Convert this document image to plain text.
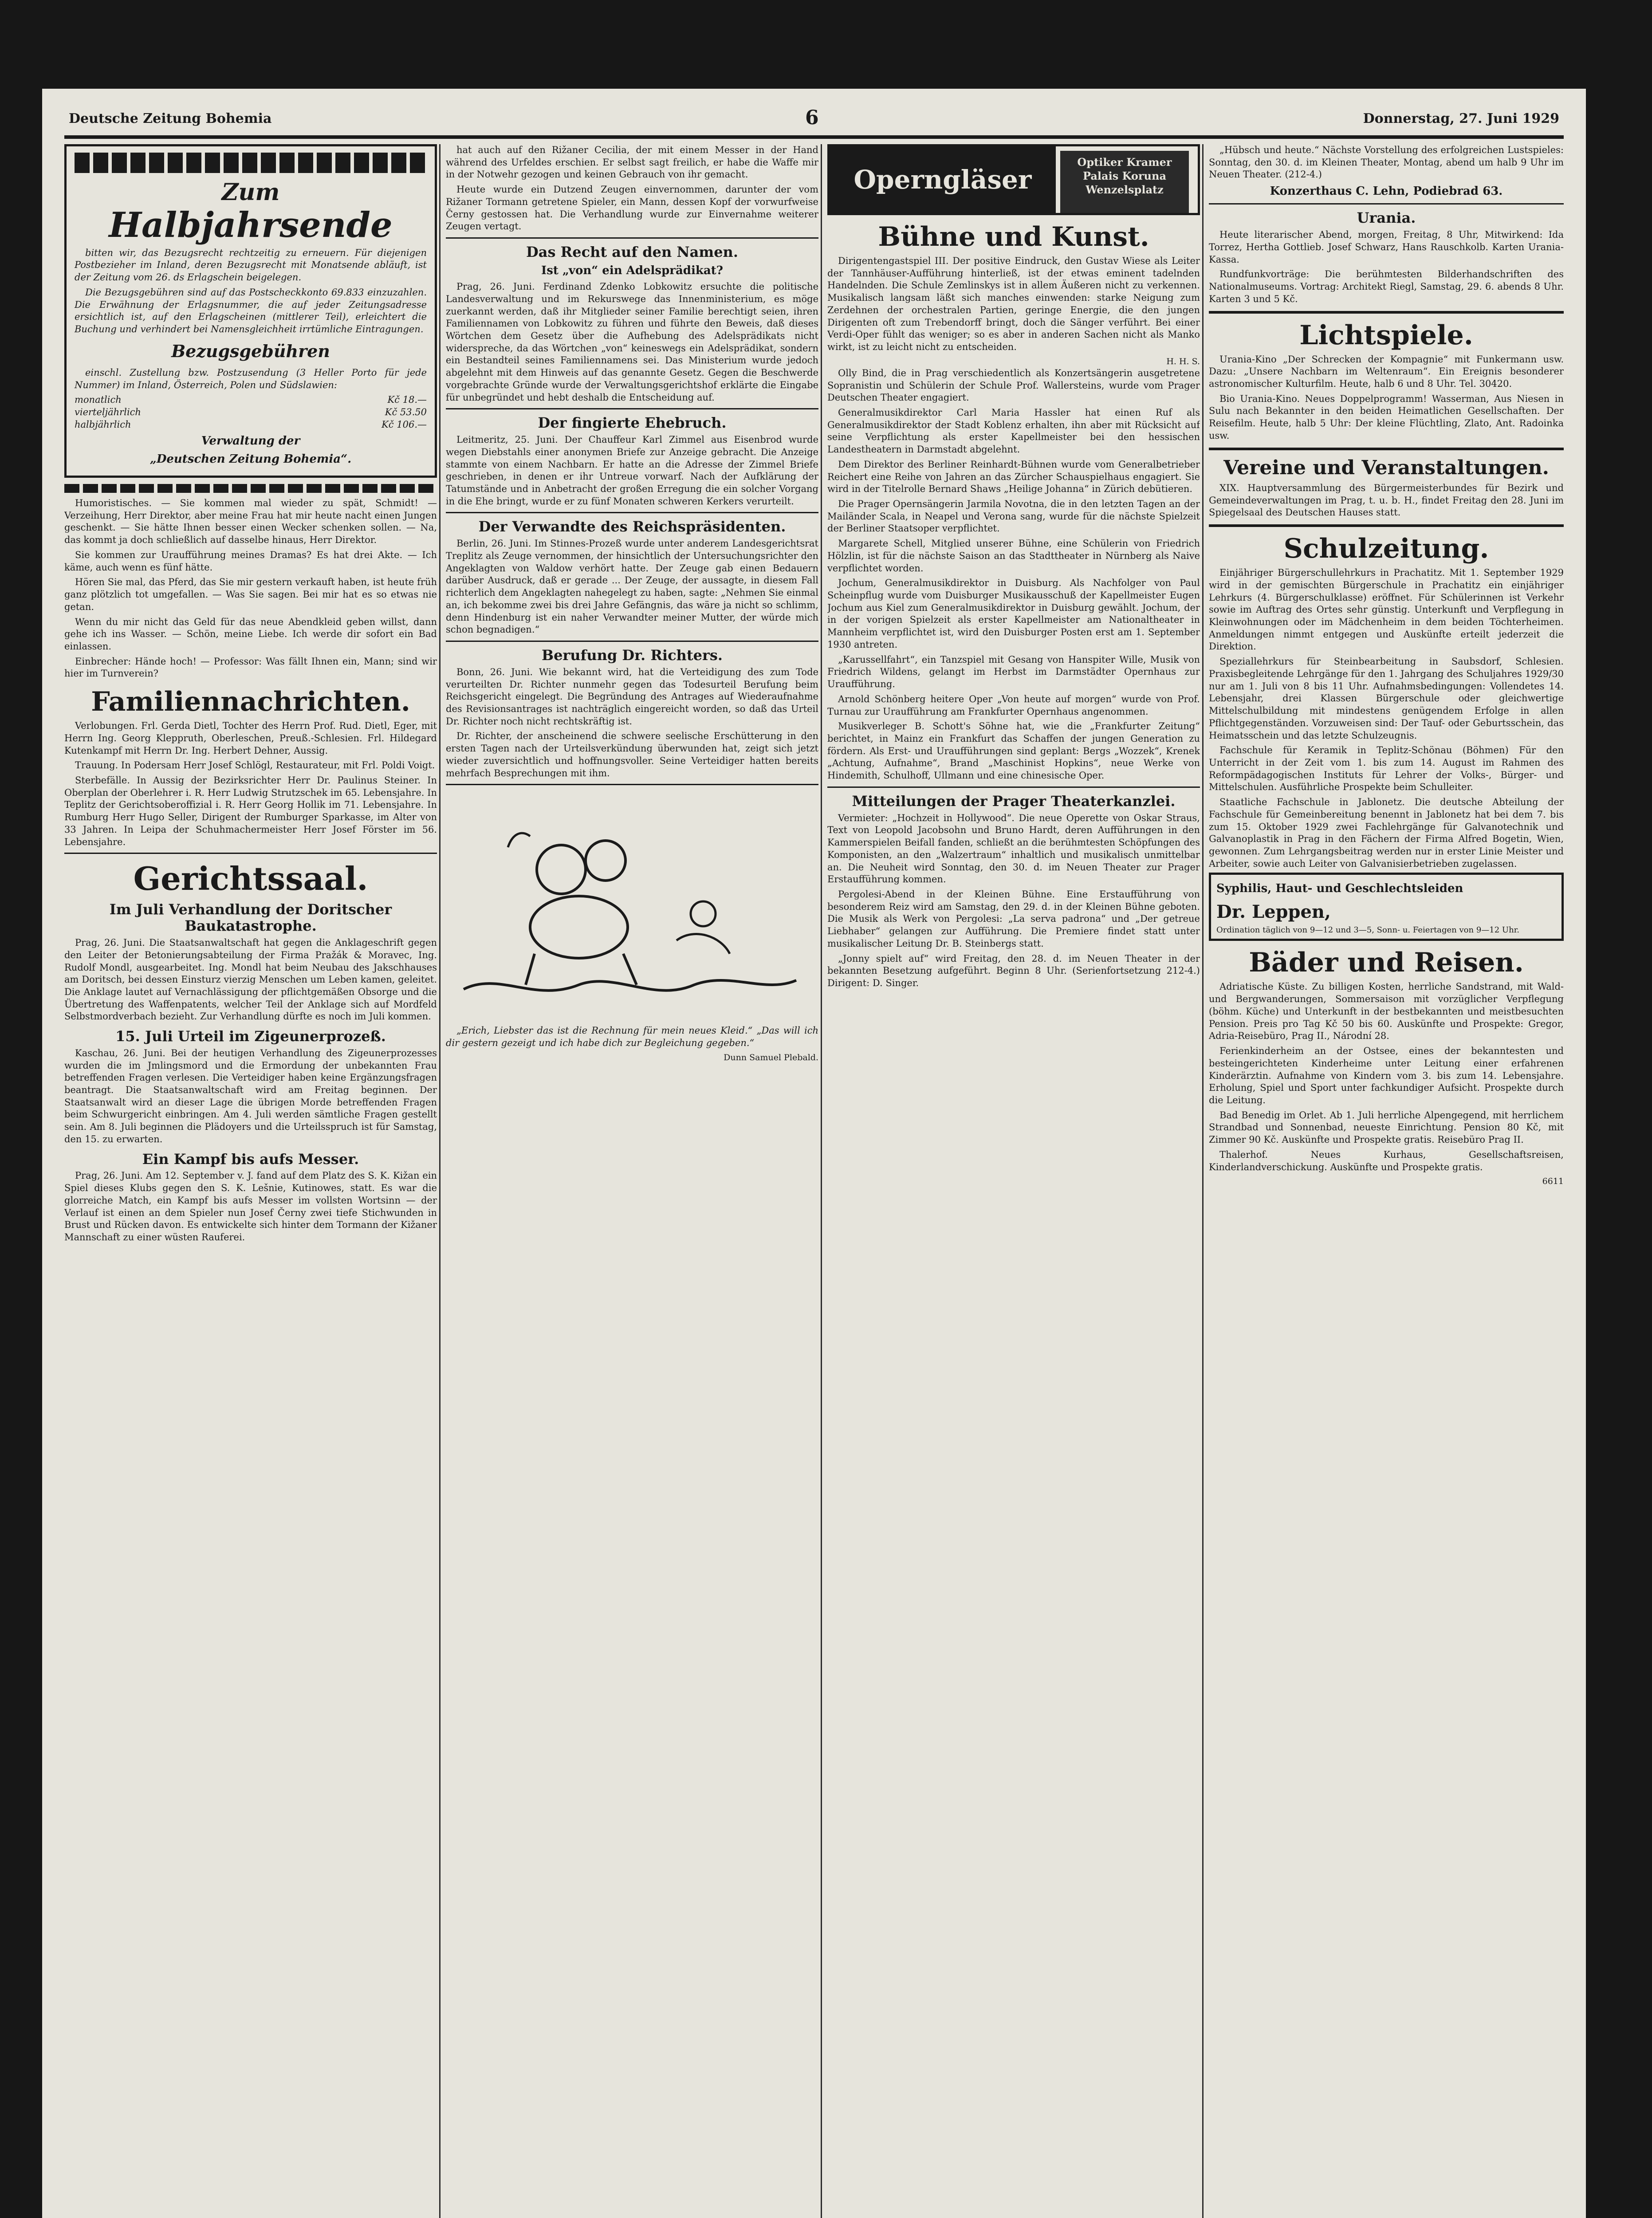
Deutsche Zeitung Bohemia	6	Donnerstag, 27. Juni 1929
Zum
Halbjahrsende

bitten wir, das Bezugsrecht rechtzeitig zu erneuern. Für diejenigen Postbezieher im Inland, deren Bezugsrecht mit Monatsende abläuft, ist der Zeitung vom 26. ds Erlagschein beigelegen.

Die Bezugsgebühren sind auf das Postscheckkonto 69.833 einzuzahlen. Die Erwähnung der Erlagsnummer, die auf jeder Zeitungsadresse ersichtlich ist, auf den Erlagscheinen (mittlerer Teil), erleichtert die Buchung und verhindert bei Namensgleichheit irrtümliche Eintragungen.

Bezugsgebühren

einschl. Zustellung bzw. Postzusendung (3 Heller Porto für jede Nummer) im Inland, Österreich, Polen und Südslawien:

monatlich	Kč 18.—
vierteljährlich	Kč 53.50
halbjährlich	Kč 106.—
Verwaltung der
„Deutschen Zeitung Bohemia“.

Humoristisches. — Sie kommen mal wieder zu spät, Schmidt! — Verzeihung, Herr Direktor, aber meine Frau hat mir heute nacht einen Jungen geschenkt. — Sie hätte Ihnen besser einen Wecker schenken sollen. — Na, das kommt ja doch schließlich auf dasselbe hinaus, Herr Direktor.

Sie kommen zur Uraufführung meines Dramas? Es hat drei Akte. — Ich käme, auch wenn es fünf hätte.

Hören Sie mal, das Pferd, das Sie mir gestern verkauft haben, ist heute früh ganz plötzlich tot umgefallen. — Was Sie sagen. Bei mir hat es so etwas nie getan.

Wenn du mir nicht das Geld für das neue Abendkleid geben willst, dann gehe ich ins Wasser. — Schön, meine Liebe. Ich werde dir sofort ein Bad einlassen.

Einbrecher: Hände hoch! — Professor: Was fällt Ihnen ein, Mann; sind wir hier im Turnverein?

Familiennachrichten.

Verlobungen. Frl. Gerda Dietl, Tochter des Herrn Prof. Rud. Dietl, Eger, mit Herrn Ing. Georg Kleppruth, Oberleschen, Preuß.-Schlesien. Frl. Hildegard Kutenkampf mit Herrn Dr. Ing. Herbert Dehner, Aussig.

Trauung. In Podersam Herr Josef Schlögl, Restaurateur, mit Frl. Poldi Voigt.

Sterbefälle. In Aussig der Bezirksrichter Herr Dr. Paulinus Steiner. In Oberplan der Oberlehrer i. R. Herr Ludwig Strutzschek im 65. Lebensjahre. In Teplitz der Gerichtsoberoffizial i. R. Herr Georg Hollik im 71. Lebensjahre. In Rumburg Herr Hugo Seller, Dirigent der Rumburger Sparkasse, im Alter von 33 Jahren. In Leipa der Schuhmachermeister Herr Josef Förster im 56. Lebensjahre.

Gerichtssaal.
Im Juli Verhandlung der Doritscher Baukatastrophe.

Prag, 26. Juni. Die Staatsanwaltschaft hat gegen die Anklageschrift gegen den Leiter der Betonierungsabteilung der Firma Pražák & Moravec, Ing. Rudolf Mondl, ausgearbeitet. Ing. Mondl hat beim Neubau des Jakschhauses am Doritsch, bei dessen Einsturz vierzig Menschen um Leben kamen, geleitet. Die Anklage lautet auf Vernachlässigung der pflichtgemäßen Obsorge und die Übertretung des Waffenpatents, welcher Teil der Anklage sich auf Mordfeld Selbstmordverbach bezieht. Zur Verhandlung dürfte es noch im Juli kommen.

15. Juli Urteil im Zigeunerprozeß.

Kaschau, 26. Juni. Bei der heutigen Verhandlung des Zigeunerprozesses wurden die im Jmlingsmord und die Ermordung der unbekannten Frau betreffenden Fragen verlesen. Die Verteidiger haben keine Ergänzungsfragen beantragt. Die Staatsanwaltschaft wird am Freitag beginnen. Der Staatsanwalt wird an dieser Lage die übrigen Morde betreffenden Fragen beim Schwurgericht einbringen. Am 4. Juli werden sämtliche Fragen gestellt sein. Am 8. Juli beginnen die Plädoyers und die Urteilsspruch ist für Samstag, den 15. zu erwarten.

Ein Kampf bis aufs Messer.

Prag, 26. Juni. Am 12. September v. J. fand auf dem Platz des S. K. Kižan ein Spiel dieses Klubs gegen den S. K. Lešnie, Kutinowes, statt. Es war die glorreiche Match, ein Kampf bis aufs Messer im vollsten Wortsinn — der Verlauf ist einen an dem Spieler nun Josef Černy zwei tiefe Stichwunden in Brust und Rücken davon. Es entwickelte sich hinter dem Tormann der Kižaner Mannschaft zu einer wüsten Rauferei.

hat auch auf den Rižaner Cecilia, der mit einem Messer in der Hand während des Urfeldes erschien. Er selbst sagt freilich, er habe die Waffe mir in der Notwehr gezogen und keinen Gebrauch von ihr gemacht.

Heute wurde ein Dutzend Zeugen einvernommen, darunter der vom Rižaner Tormann getretene Spieler, ein Mann, dessen Kopf der vorwurfweise Černy gestossen hat. Die Verhandlung wurde zur Einvernahme weiterer Zeugen vertagt.

Das Recht auf den Namen.
Ist „von“ ein Adelsprädikat?

Prag, 26. Juni. Ferdinand Zdenko Lobkowitz ersuchte die politische Landesverwaltung und im Rekurswege das Innenministerium, es möge zuerkannt werden, daß ihr Mitglieder seiner Familie berechtigt seien, ihren Familiennamen von Lobkowitz zu führen und führte den Beweis, daß dieses Wörtchen dem Gesetz über die Aufhebung des Adelsprädikats nicht widerspreche, da das Wörtchen „von“ keineswegs ein Adelsprädikat, sondern ein Bestandteil seines Familiennamens sei. Das Ministerium wurde jedoch abgelehnt mit dem Hinweis auf das genannte Gesetz. Gegen die Beschwerde vorgebrachte Gründe wurde der Verwaltungsgerichtshof erklärte die Eingabe für unbegründet und hebt deshalb die Entscheidung auf.

Der fingierte Ehebruch.

Leitmeritz, 25. Juni. Der Chauffeur Karl Zimmel aus Eisenbrod wurde wegen Diebstahls einer anonymen Briefe zur Anzeige gebracht. Die Anzeige stammte von einem Nachbarn. Er hatte an die Adresse der Zimmel Briefe geschrieben, in denen er ihr Untreue vorwarf. Nach der Aufklärung der Tatumstände und in Anbetracht der großen Erregung die ein solcher Vorgang in die Ehe bringt, wurde er zu fünf Monaten schweren Kerkers verurteilt.

Der Verwandte des Reichspräsidenten.

Berlin, 26. Juni. Im Stinnes-Prozeß wurde unter anderem Landesgerichtsrat Treplitz als Zeuge vernommen, der hinsichtlich der Untersuchungsrichter den Angeklagten von Waldow verhört hatte. Der Zeuge gab einen Bedauern darüber Ausdruck, daß er gerade ... Der Zeuge, der aussagte, in diesem Fall richterlich dem Angeklagten nahegelegt zu haben, sagte: „Nehmen Sie einmal an, ich bekomme zwei bis drei Jahre Gefängnis, das wäre ja nicht so schlimm, denn Hindenburg ist ein naher Verwandter meiner Mutter, der würde mich schon begnadigen.“

Berufung Dr. Richters.

Bonn, 26. Juni. Wie bekannt wird, hat die Verteidigung des zum Tode verurteilten Dr. Richter nunmehr gegen das Todesurteil Berufung beim Reichsgericht eingelegt. Die Begründung des Antrages auf Wiederaufnahme des Revisionsantrages ist nachträglich eingereicht worden, so daß das Urteil Dr. Richter noch nicht rechtskräftig ist.

Dr. Richter, der anscheinend die schwere seelische Erschütterung in den ersten Tagen nach der Urteilsverkündung überwunden hat, zeigt sich jetzt wieder zuversichtlich und hoffnungsvoller. Seine Verteidiger hatten bereits mehrfach Besprechungen mit ihm.

„Erich, Liebster das ist die Rechnung für mein neues Kleid.“ „Das will ich dir gestern gezeigt und ich habe dich zur Begleichung gegeben.“

Dunn Samuel Plebald.
Operngläser
Optiker Kramer
Palais Koruna
Wenzelsplatz
Bühne und Kunst.

Dirigentengastspiel III. Der positive Eindruck, den Gustav Wiese als Leiter der Tannhäuser-Aufführung hinterließ, ist der etwas eminent tadelnden Handelnden. Die Schule Zemlinskys ist in allem Äußeren nicht zu verkennen. Musikalisch langsam läßt sich manches einwenden: starke Neigung zum Zerdehnen der orchestralen Partien, geringe Energie, die den jungen Dirigenten oft zum Trebendorff bringt, doch die Sänger verführt. Bei einer Verdi-Oper fühlt das weniger; so es aber in anderen Sachen nicht als Manko wirkt, ist zu leicht nicht zu entscheiden.

H. H. S.

Olly Bind, die in Prag verschiedentlich als Konzertsängerin ausgetretene Sopranistin und Schülerin der Schule Prof. Wallersteins, wurde vom Prager Deutschen Theater engagiert.

Generalmusikdirektor Carl Maria Hassler hat einen Ruf als Generalmusikdirektor der Stadt Koblenz erhalten, ihn aber mit Rücksicht auf seine Verpflichtung als erster Kapellmeister bei den hessischen Landestheatern in Darmstadt abgelehnt.

Dem Direktor des Berliner Reinhardt-Bühnen wurde vom Generalbetrieber Reichert eine Reihe von Jahren an das Zürcher Schauspielhaus engagiert. Sie wird in der Titelrolle Bernard Shaws „Heilige Johanna“ in Zürich debütieren.

Die Prager Opernsängerin Jarmila Novotna, die in den letzten Tagen an der Mailänder Scala, in Neapel und Verona sang, wurde für die nächste Spielzeit der Berliner Staatsoper verpflichtet.

Margarete Schell, Mitglied unserer Bühne, eine Schülerin von Friedrich Hölzlin, ist für die nächste Saison an das Stadttheater in Nürnberg als Naive verpflichtet worden.

Jochum, Generalmusikdirektor in Duisburg. Als Nachfolger von Paul Scheinpflug wurde vom Duisburger Musikausschuß der Kapellmeister Eugen Jochum aus Kiel zum Generalmusikdirektor in Duisburg gewählt. Jochum, der in der vorigen Spielzeit als erster Kapellmeister am Nationaltheater in Mannheim verpflichtet ist, wird den Duisburger Posten erst am 1. September 1930 antreten.

„Karussellfahrt“, ein Tanzspiel mit Gesang von Hanspiter Wille, Musik von Friedrich Wildens, gelangt im Herbst im Darmstädter Opernhaus zur Uraufführung.

Arnold Schönberg heitere Oper „Von heute auf morgen“ wurde von Prof. Turnau zur Uraufführung am Frankfurter Opernhaus angenommen.

Musikverleger B. Schott's Söhne hat, wie die „Frankfurter Zeitung“ berichtet, in Mainz ein Frankfurt das Schaffen der jungen Generation zu fördern. Als Erst- und Uraufführungen sind geplant: Bergs „Wozzek“, Krenek „Achtung, Aufnahme“, Brand „Maschinist Hopkins“, neue Werke von Hindemith, Schulhoff, Ullmann und eine chinesische Oper.

Mitteilungen der Prager Theaterkanzlei.

Vermieter: „Hochzeit in Hollywood“. Die neue Operette von Oskar Straus, Text von Leopold Jacobsohn und Bruno Hardt, deren Aufführungen in den Kammerspielen Beifall fanden, schließt an die berühmtesten Schöpfungen des Komponisten, an den „Walzertraum“ inhaltlich und musikalisch unmittelbar an. Die Neuheit wird Sonntag, den 30. d. im Neuen Theater zur Prager Erstaufführung kommen.

Pergolesi-Abend in der Kleinen Bühne. Eine Erstaufführung von besonderem Reiz wird am Samstag, den 29. d. in der Kleinen Bühne geboten. Die Musik als Werk von Pergolesi: „La serva padrona“ und „Der getreue Liebhaber“ gelangen zur Aufführung. Die Premiere findet statt unter musikalischer Leitung Dr. B. Steinbergs statt.

„Jonny spielt auf“ wird Freitag, den 28. d. im Neuen Theater in der bekannten Besetzung aufgeführt. Beginn 8 Uhr. (Serienfortsetzung 212-4.) Dirigent: D. Singer.

„Hübsch und heute.“ Nächste Vorstellung des erfolgreichen Lustspieles: Sonntag, den 30. d. im Kleinen Theater, Montag, abend um halb 9 Uhr im Neuen Theater. (212-4.)

Konzerthaus C. Lehn, Podiebrad 63.
Urania.

Heute literarischer Abend, morgen, Freitag, 8 Uhr, Mitwirkend: Ida Torrez, Hertha Gottlieb. Josef Schwarz, Hans Rauschkolb. Karten Urania-Kassa.

Rundfunkvorträge: Die berühmtesten Bilderhandschriften des Nationalmuseums. Vortrag: Architekt Riegl, Samstag, 29. 6. abends 8 Uhr. Karten 3 und 5 Kč.

Lichtspiele.

Urania-Kino „Der Schrecken der Kompagnie“ mit Funkermann usw. Dazu: „Unsere Nachbarn im Weltenraum“. Ein Ereignis besonderer astronomischer Kulturfilm. Heute, halb 6 und 8 Uhr. Tel. 30420.

Bio Urania-Kino. Neues Doppelprogramm! Wasserman, Aus Niesen in Sulu nach Bekannter in den beiden Heimatlichen Gesellschaften. Der Reisefilm. Heute, halb 5 Uhr: Der kleine Flüchtling, Zlato, Ant. Radoinka usw.

Vereine und Veranstaltungen.

XIX. Hauptversammlung des Bürgermeisterbundes für Bezirk und Gemeindeverwaltungen im Prag, t. u. b. H., findet Freitag den 28. Juni im Spiegelsaal des Deutschen Hauses statt.

Schulzeitung.

Einjähriger Bürgerschullehrkurs in Prachatitz. Mit 1. September 1929 wird in der gemischten Bürgerschule in Prachatitz ein einjähriger Lehrkurs (4. Bürgerschulklasse) eröffnet. Für Schülerinnen ist Verkehr sowie im Auftrag des Ortes sehr günstig. Unterkunft und Verpflegung in Kleinwohnungen oder im Mädchenheim in dem beiden Töchterheimen. Anmeldungen nimmt entgegen und Auskünfte erteilt jederzeit die Direktion.

Speziallehrkurs für Steinbearbeitung in Saubsdorf, Schlesien. Praxisbegleitende Lehrgänge für den 1. Jahrgang des Schuljahres 1929/30 nur am 1. Juli von 8 bis 11 Uhr. Aufnahmsbedingungen: Vollendetes 14. Lebensjahr, drei Klassen Bürgerschule oder gleichwertige Mittelschulbildung mit mindestens genügendem Erfolge in allen Pflichtgegenständen. Vorzuweisen sind: Der Tauf- oder Geburtsschein, das Heimatsschein und das letzte Schulzeugnis.

Fachschule für Keramik in Teplitz-Schönau (Böhmen) Für den Unterricht in der Zeit vom 1. bis zum 14. August im Rahmen des Reformpädagogischen Instituts für Lehrer der Volks-, Bürger- und Mittelschulen. Ausführliche Prospekte beim Schulleiter.

Staatliche Fachschule in Jablonetz. Die deutsche Abteilung der Fachschule für Gemeinbereitung benennt in Jablonetz hat bei dem 7. bis zum 15. Oktober 1929 zwei Fachlehrgänge für Galvanotechnik und Galvanoplastik in Prag in den Fächern der Firma Alfred Bogetin, Wien, gewonnen. Zum Lehrgangsbeitrag werden nur in erster Linie Meister und Arbeiter, sowie auch Leiter von Galvanisierbetrieben zugelassen.

Syphilis, Haut- und Geschlechtsleiden
Dr. Leppen,
Ordination täglich von 9—12 und 3—5, Sonn- u. Feiertagen von 9—12 Uhr.
Bäder und Reisen.

Adriatische Küste. Zu billigen Kosten, herrliche Sandstrand, mit Wald- und Bergwanderungen, Sommersaison mit vorzüglicher Verpflegung (böhm. Küche) und Unterkunft in der bestbekannten und meistbesuchten Pension. Preis pro Tag Kč 50 bis 60. Auskünfte und Prospekte: Gregor, Adria-Reisebüro, Prag II., Národní 28.

Ferienkinderheim an der Ostsee, eines der bekanntesten und besteingerichteten Kinderheime unter Leitung einer erfahrenen Kinderärztin. Aufnahme von Kindern vom 3. bis zum 14. Lebensjahre. Erholung, Spiel und Sport unter fachkundiger Aufsicht. Prospekte durch die Leitung.

Bad Benedig im Orlet. Ab 1. Juli herrliche Alpengegend, mit herrlichem Strandbad und Sonnenbad, neueste Einrichtung. Pension 80 Kč, mit Zimmer 90 Kč. Auskünfte und Prospekte gratis. Reisebüro Prag II.

Thalerhof. Neues Kurhaus, Gesellschaftsreisen, Kinderlandverschickung. Auskünfte und Prospekte gratis.

6611
